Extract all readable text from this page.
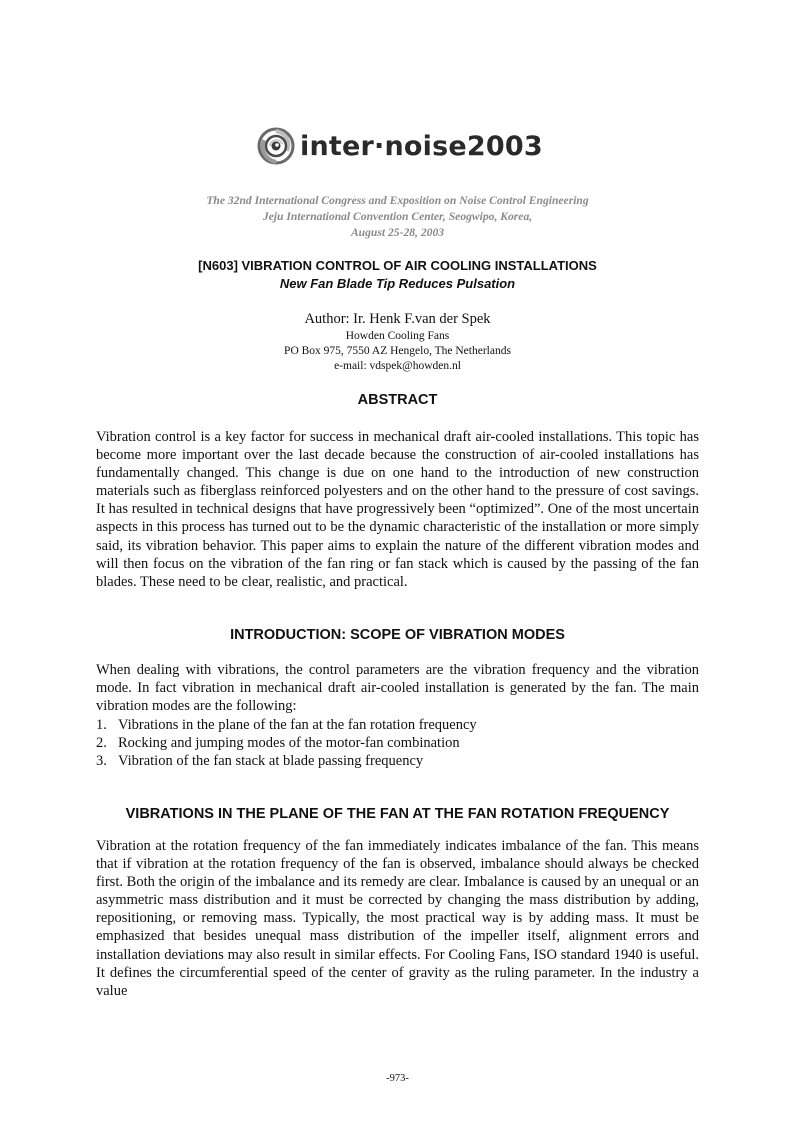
inter·noise2003
The 32nd International Congress and Exposition on Noise Control Engineering
Jeju International Convention Center, Seogwipo, Korea,
August 25-28, 2003
[N603] VIBRATION CONTROL OF AIR COOLING INSTALLATIONS
New Fan Blade Tip Reduces Pulsation
Author: Ir. Henk F.van der Spek
Howden Cooling Fans
PO Box 975, 7550 AZ Hengelo, The Netherlands
e-mail: vdspek@howden.nl
ABSTRACT

Vibration control is a key factor for success in mechanical draft air-cooled installations. This topic has become more important over the last decade because the construction of air-cooled installations has fundamentally changed. This change is due on one hand to the introduction of new construction materials such as fiberglass reinforced polyesters and on the other hand to the pressure of cost savings. It has resulted in technical designs that have progressively been “optimized”. One of the most uncertain aspects in this process has turned out to be the dynamic characteristic of the installation or more simply said, its vibration behavior. This paper aims to explain the nature of the different vibration modes and will then focus on the vibration of the fan ring or fan stack which is caused by the passing of the fan blades. These need to be clear, realistic, and practical.

INTRODUCTION: SCOPE OF VIBRATION MODES

When dealing with vibrations, the control parameters are the vibration frequency and the vibration mode. In fact vibration in mechanical draft air-cooled installation is generated by the fan. The main vibration modes are the following:

1. Vibrations in the plane of the fan at the fan rotation frequency
2. Rocking and jumping modes of the motor-fan combination
3. Vibration of the fan stack at blade passing frequency
VIBRATIONS IN THE PLANE OF THE FAN AT THE FAN ROTATION FREQUENCY

Vibration at the rotation frequency of the fan immediately indicates imbalance of the fan. This means that if vibration at the rotation frequency of the fan is observed, imbalance should always be checked first. Both the origin of the imbalance and its remedy are clear. Imbalance is caused by an unequal or an asymmetric mass distribution and it must be corrected by changing the mass distribution by adding, repositioning, or removing mass. Typically, the most practical way is by adding mass. It must be emphasized that besides unequal mass distribution of the impeller itself, alignment errors and installation deviations may also result in similar effects. For Cooling Fans, ISO standard 1940 is useful. It defines the circumferential speed of the center of gravity as the ruling parameter. In the industry a value

-973-
